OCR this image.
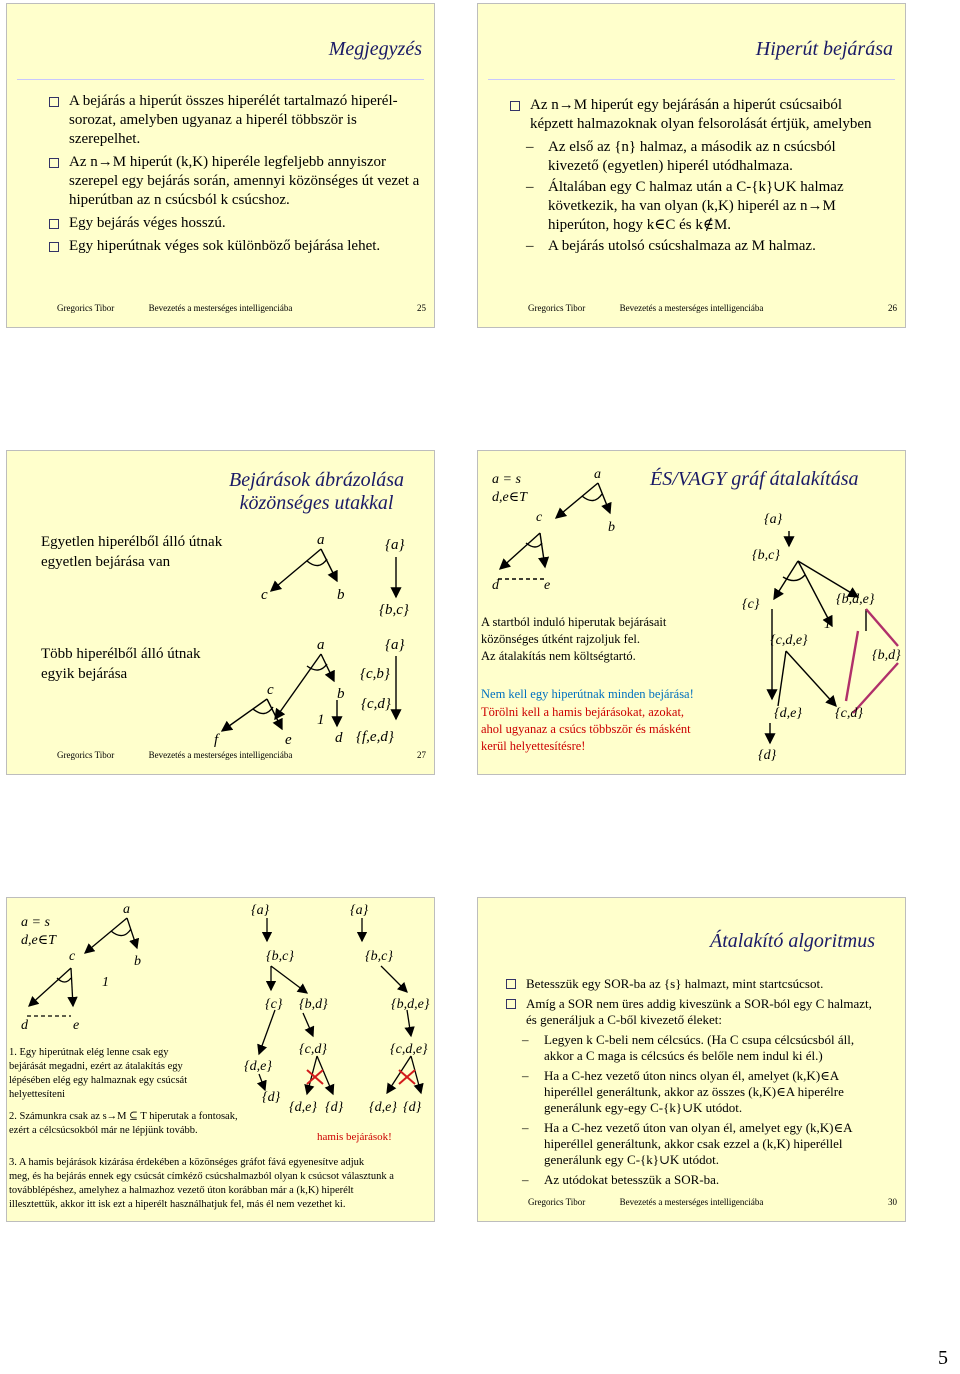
Megjegyzés
A bejárás a hiperút összes hiperélét tartalmazó hiperél-sorozat, amelyben ugyanaz a hiperél többször is szerepelhet.
Az n→M hiperút (k,K) hiperéle legfeljebb annyiszor szerepel egy bejárás során, amennyi közönséges út vezet a hiperútban az n csúcsból k csúcshoz.
Egy bejárás véges hosszú.
Egy hiperútnak véges sok különböző bejárása lehet.
Gregorics Tibor	Bevezetés a mesterséges intelligenciába	25
Hiperút bejárása
Az n→M hiperút egy bejárásán a hiperút csúcsaiból képzett halmazoknak olyan felsorolását értjük, amelyben
– Az első az {n} halmaz, a második az n csúcsból kivezető (egyetlen) hiperél utódhalmaza.
– Általában egy C halmaz után a C-{k}∪K halmaz következik, ha van olyan (k,K) hiperél az n→M hiperúton, hogy k∈C és k∉M.
– A bejárás utolsó csúcshalmaza az M halmaz.
Gregorics Tibor	Bevezetés a mesterséges intelligenciába	26
Bejárások ábrázolása
közönséges utakkal
Egyetlen hiperélből álló útnak
egyetlen bejárása van
Több hiperélből álló útnak
egyik bejárása
a
c	b
a
c	b
1
f	e	d
{a}
{b,c}
{a}
{c,b}
{c,d}
{f,e,d}
Gregorics Tibor	Bevezetés a mesterséges intelligenciába	27
ÉS/VAGY gráf átalakítása
a = s
d,e∈T
A startból induló hiperutak bejárásait
közönséges útként rajzoljuk fel.
Az átalakítás nem költségtartó.
Nem kell egy hiperútnak minden bejárása!
Törölni kell a hamis bejárásokat, azokat,
ahol ugyanaz a csúcs többször és másként
kerül helyettesítésre!
a
c
b
d	e
{a}
{b,c}
{c}	{b,d,e}
1
{c,d,e}
{b,d}
{d,e} {c,d}
{d}
a = s
d,e∈T
a
c
1
b
d	e
{a}
{b,c}
{c} {b,d}
{c,d}
{d,e}
{d}
{d,e} {d}
{a}
{b,c}
{b,d,e}
{c,d,e}
{d,e} {d}
hamis bejárások!
1. Egy hiperútnak elég lenne csak egy
bejárását megadni, ezért az átalakítás egy
lépésében elég egy halmaznak egy csúcsát
helyettesíteni
2. Számunkra csak az s→M ⊆ T hiperutak a fontosak,
ezért a célcsúcsokból már ne lépjünk tovább.
3. A hamis bejárások kizárása érdekében a közönséges gráfot fává egyenesítve adjuk
meg, és ha bejárás ennek egy csúcsát címkéző csúcshalmazból olyan k csúcsot választunk a
továbblépéshez, amelyhez a halmazhoz vezető úton korábban már a (k,K) hiperélt
illesztettük, akkor itt isk ezt a hiperélt használhatjuk fel, más él nem vezethet ki.
Átalakító algoritmus
Betesszük egy SOR-ba az {s} halmazt, mint startcsúcsot.
Amíg a SOR nem üres addig kiveszünk a SOR-ból egy C halmazt, és generáljuk a C-ből kivezető éleket:
– Legyen k C-beli nem célcsúcs. (Ha C csupa célcsúcsból áll, akkor a C maga is célcsúcs és belőle nem indul ki él.)
– Ha a C-hez vezető úton nincs olyan él, amelyet (k,K)∈A hiperéllel generáltunk, akkor az összes (k,K)∈A hiperélre generálunk egy-egy C-{k}∪K utódot.
– Ha a C-hez vezető úton van olyan él, amelyet egy (k,K)∈A hiperéllel generáltunk, akkor csak ezzel a (k,K) hiperéllel generálunk egy C-{k}∪K utódot.
– Az utódokat betesszük a SOR-ba.
Gregorics Tibor	Bevezetés a mesterséges intelligenciába	30
5
